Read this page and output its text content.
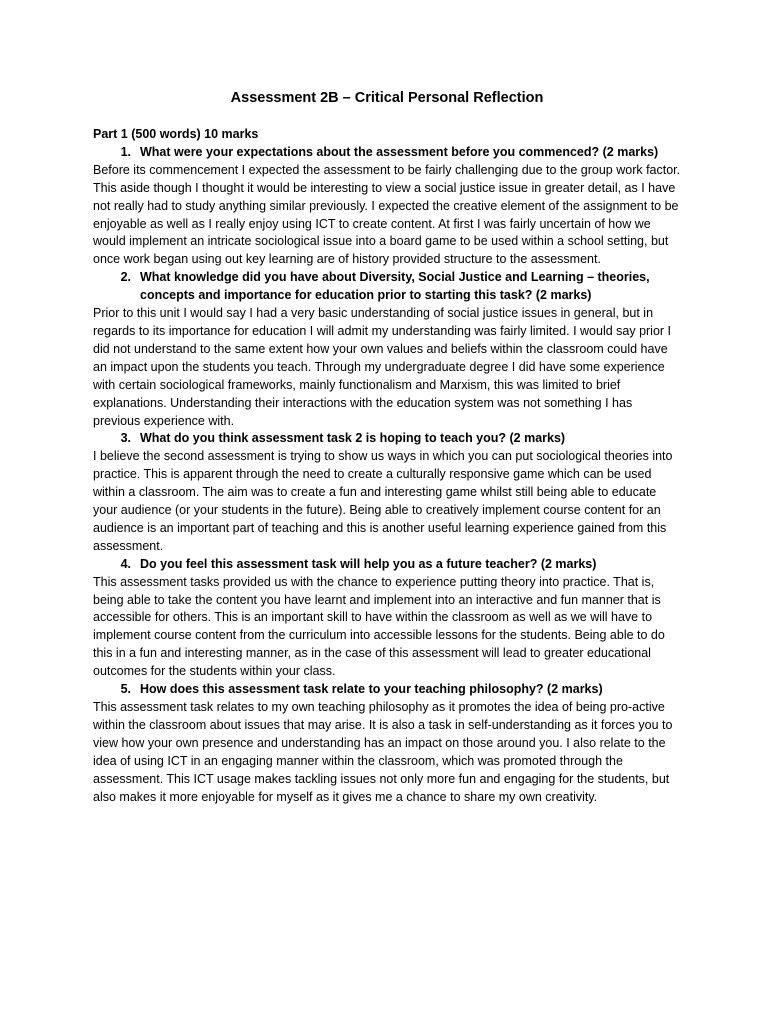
Assessment 2B – Critical Personal Reflection

Part 1 (500 words) 10 marks

1. What were your expectations about the assessment before you commenced? (2 marks)

Before its commencement I expected the assessment to be fairly challenging due to the group work factor. This aside though I thought it would be interesting to view a social justice issue in greater detail, as I have not really had to study anything similar previously. I expected the creative element of the assignment to be enjoyable as well as I really enjoy using ICT to create content. At first I was fairly uncertain of how we would implement an intricate sociological issue into a board game to be used within a school setting, but once work began using out key learning are of history provided structure to the assessment.

2. What knowledge did you have about Diversity, Social Justice and Learning – theories, concepts and importance for education prior to starting this task? (2 marks)

Prior to this unit I would say I had a very basic understanding of social justice issues in general, but in regards to its importance for education I will admit my understanding was fairly limited. I would say prior I did not understand to the same extent how your own values and beliefs within the classroom could have an impact upon the students you teach. Through my undergraduate degree I did have some experience with certain sociological frameworks, mainly functionalism and Marxism, this was limited to brief explanations. Understanding their interactions with the education system was not something I has previous experience with.

3. What do you think assessment task 2 is hoping to teach you? (2 marks)

I believe the second assessment is trying to show us ways in which you can put sociological theories into practice. This is apparent through the need to create a culturally responsive game which can be used within a classroom. The aim was to create a fun and interesting game whilst still being able to educate your audience (or your students in the future). Being able to creatively implement course content for an audience is an important part of teaching and this is another useful learning experience gained from this assessment.

4. Do you feel this assessment task will help you as a future teacher? (2 marks)

This assessment tasks provided us with the chance to experience putting theory into practice. That is, being able to take the content you have learnt and implement into an interactive and fun manner that is accessible for others. This is an important skill to have within the classroom as well as we will have to implement course content from the curriculum into accessible lessons for the students. Being able to do this in a fun and interesting manner, as in the case of this assessment will lead to greater educational outcomes for the students within your class.

5. How does this assessment task relate to your teaching philosophy? (2 marks)

This assessment task relates to my own teaching philosophy as it promotes the idea of being pro-active within the classroom about issues that may arise. It is also a task in self-understanding as it forces you to view how your own presence and understanding has an impact on those around you. I also relate to the idea of using ICT in an engaging manner within the classroom, which was promoted through the assessment. This ICT usage makes tackling issues not only more fun and engaging for the students, but also makes it more enjoyable for myself as it gives me a chance to share my own creativity.
